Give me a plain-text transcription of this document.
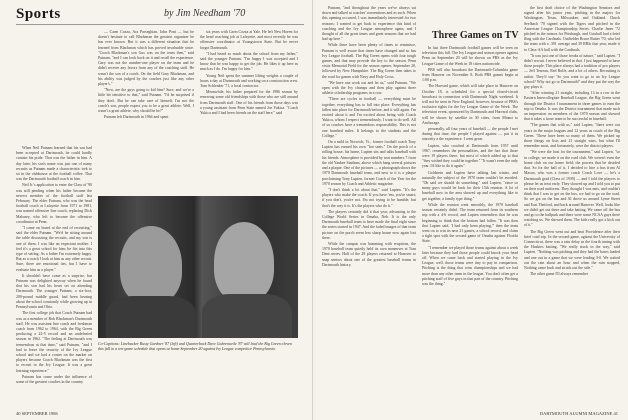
Sports	by Jim Needham '70

When Neil Putnam learned that his son had been accepted at Dartmouth, he could hardly contain his pride. That was the father in him. A day later, his son's name was just one of many recruits as Putnam made a characteristic trek to sit in the clubhouse at the football coffee. That was the Dartmouth football coach in him.

Neil Jr.'s application to enter the Class of '90 was still pending when his father became the newest member of the football staff last February. The elder Putnam, who was the head football coach at Lafayette from 1971 to 1981, was named offensive line coach, replacing Dick Maloney, who left to become the offensive coordinator at Penn.

"I came on board at the end of recruiting," said the elder Putnam. "We'd be sitting around the table discussing the recruits, and my son is one of them. I was like an expectant mother. I feel it's a great school for him; he fits into this type of setting. As a father I'm extremely happy. But as a coach I look at him as any other recruit. Sure, there are emotional ties, but I have to evaluate him as a player."

It shouldn't have come as a surprise, but Putnam was delighted anyway when he found that his son had his heart set on attending Dartmouth. The younger Putnam, a six-foot, 200-pound middle guard, had been hearing about the school constantly while growing up in Pennsylvania and Ohio.

The first college job that Coach Putnam had was as a member of Bob Blackman's Dartmouth staff. He was assistant line coach and freshman coach from 1962 to 1964, with the Big Green producing a 22-5 record and an undefeated season in 1962. "The feeling at Dartmouth was tremendous at that time," said Putnam, "and I had to leave the security of the Ivy League school and we had a corner on the market on players because Coach Blackman was the first to recruit in the Ivy League. It was a great learning experience."

Putnam has come under the influence of some of the greatest coaches in the country

— Carm Cozza, Ara Parseghian, John Pont — but he doesn't hesitate to call Blackman the greatest organizer he has ever known. But it was a different situation that he learned from Blackman which has proved invaluable since. "Coach Blackman's son Gus was on the team then," said Putnam, "and I can look back on it and recall the experience. Gary was not the number-one player on the team and he didn't receive any favors from any of the coaching staff. He wasn't the son of a coach. On the field Gary Blackman, and his ability was judged by the coaches just like any other player's."

"Now, are the guys going to kid him? Sure, and we're a little bit sensitive to that," said Putnam. "I'd be surprised if they don't. But he can take care of himself. I'm not the coach's son, people expect you to be a great athlete. Well, I wasn't a great athlete, why should he be?"

Putnam left Dartmouth in 1964 and spent

six years with Carm Cozza at Yale. He left New Haven for the head coaching job at Lafayette, and most recently he was offensive coordinator at Youngstown State. But he never forgot Dartmouth.

"I had heard so much about the school from my father," said the younger Putnam. "I'm happy I was accepted and I know that he was happy to get the job. He likes it up here as much as I do. I'm happy for him."

Young Neil spent the summer lifting weights a couple of hours a day at Dartmouth and working on a construction crew. Tom Schlenker '71, a local contractor.

Meanwhile, his father prepared for the 1986 season by renewing some old friendships with those who are still around from Dartmouth staff. One of his friends from those days was a young assistant from Penn State named Joe Yukica. "Coach Yukica and I had been friends on the staff here," said

Co-Captions: Linebacker Rusty Gardner '87 (left) and Quarterback Dave Gabrenavile '87 will lead the Big Green eleven this fall in a ten-game schedule that opens at home September 20 against Ivy League competitor Pennsylvania.
40 SEPTEMBER 1986

Putnam, "and throughout the years we've always sat down and talked at coaches' conventions and as such. When this opening occurred, I was immediately interested for two reasons: I wanted to get back to experience this kind of coaching and the Ivy League atmosphere again, and I thought of all the great times and great seasons that we had had up here."

While there have been plenty of times to reminisce, Putnam is well aware that times have changed and so has Ivy League football. The Big Green opens with four tough games, and that may provide the key to the season. Penn visits Memorial Field for the season opener, September 20, followed by New Hampshire. The Big Green then takes to the road for games with Navy and Holy Cross.

"We have one work out and let us," said Putnam. "We open with the Ivy champs and then play against three athletic scholarship programs in a row.

"There are cycles in football — everything must be together, everything has to fall into place. Everything has fallen into place for Dartmouth before, and it will again. I'm excited about it and I'm excited about being with Coach Yukica, whom I respect tremendously. I want to do well. All of us coaches have a tremendous responsibility. This is not one hundred miles. It belongs to the students and the College."

On a mild in Norwich, Vt., former football coach Tony Lupien has earned his own "hot seats." On the porch of a rolling house, his home, Lupien sits and talks baseball with his friends. Atmosphere is provided by seat numbers 7 from the old Yankee Stadium, above which hang several pictures and a plaque. One of the pictures — a photograph shows the 1970 Dartmouth baseball team, and next to it is a plaque proclaiming Tony Lupien, former Coach of the Year for the 1970 season by Coach and Athletic magazine.

"I don't think a lot about that," said Lupien. "It's the players who make the coach. If you have 'em, you're smart; if you don't, you're not. I'm not trying to be humble, but that's the way it is. It's the players who do it."

The players certainly did it that year, advancing to the College World Series in Omaha, Neb. It is the only Dartmouth baseball team to have made the final eight since the series started in 1947. And the faded images of that team picture on the porch seem less sharp house now again lost there.

While the campus was humming with eruptions, the 1970 baseball team quietly held its own maneuver at Tom Dent series. Half of the 28 players returned to Hanover to snap seniors about one of the greatest baseball teams in Dartmouth history.

Three Games on TV

In last three Dartmouth football games will be seen on television this fall. The Ivy League and season opener against Penn on September 20 will be shown on PBS as the Ivy League Game of the Week in 18 cities nationwide.

PBS will also broadcast the Dartmouth-Columbia game from Hanover on November 8. Both PBS games begin at 1:00 p.m.

The Harvard game, which will take place in Hanover on October 18, is scheduled for a special closed-circuit broadcast in connection with Dartmouth Night weekend. It will not be seen in New England, however, because of PBS's exclusive rights for the Ivy League Game of the Week. The television event, sponsored by Dartmouth and Harvard clubs, will be shown by satellite in 30 cities, from Miami to Anchorage.

personally, all four years of baseball — the people I met during that time, the people I played against — put it in sincerity a the experience. I went great.

Lupien, who coached at Dartmouth from 1957 until 1967, remembers the personalities, and the fact that those were 19 players there, but most of which added up to that "they wished they could be together." "It wasn't even the only year. I'd like to do it again."

Goldstein and Lupien have talking last winter, and naturally the subject of the 1970 team couldn't be avoided. "Oh said we should do something," said Lupien, "since so many guys would be back for their 15th reunion. A lot of baseball now in the area showed up and everything like to get together, a family type thing."

While the reunion went smoothly, the 1970 baseball season certainly didn't. The team returned from its southern trip with a 4-6 record, and Lupien remembers that he was beginning to think that the bottom had fallen. "It was then that Lupien said, 'I had only been playing,'" then the team went on to win its next 21 games, a school record, and claim a tight spot with the second game of Omaha against Florida State.

"I remember we played those teams against about a week later because they had those people could knock your head off. When we came back and started playing in the Ivy League, well, those teams were tiny to pay in comparison. Pitching is the thing that wins championships and we had more than any other team in the league. You don't often get a pitching staff of five guys in that part of the country. Pitching was the thing."

the first draft choice of the Washington Senators and signed after his junior year, pitching in the majors for Washington, Texas, Milwaukee, and Oakland. Chuck Seelbach '70 signed with the Tigers and pitched in the American League Championship Series. Charlie Janer '72 pitched in the minors for Pittsburgh, and Cutshall had a brief fling with the Cardinals. Outfielder Bruce Rutter '70, who led the team with a .391 average and 39 RBIs that year, made it to Class-AA ball with the Cardinals.

"It was just one of those freaks of nature," said Lupien. "I didn't recruit. I never believed in that. I just happened to have those people. This place always had a tradition of pro players — Jeff Tesreau, Red Rolfe, and a lot of others. Recruiting is unfair. They'd say: 'So you want to go to an Ivy League school? Why not go to Dartmouth?' and they put the way the guy plays it.

"After winning 21 straight, including 13 in a row in the Eastern Intercollegiate Baseball League, the Big Green went through the District I tournament in three games to earn the trip to Omaha. It was the District tournament that made such an impression on members of the 1970 season and showed that it takes a loose team to be successful in baseball.

"The games that with us," said Lupien, "there were our years in the major leagues and 12 years as coach of the Big Green. 'These have been so many of them. We picked up those things on lists and 21 straight wins, but what I'll remember most, and fortunately, were the district players.

"We were the host for the tournament," said Lupien, "so in college, we made it on the road club. We weren't even the home club on our home field; the powers that be decided that. So for the ball of it, I decided to hire a bus from Al Mason, who was a former coach Coach Love — he's a Dartmouth grad (Class of 1939) — and I told the players to please let us treat early. They showed up and I told you to put on their road uniforms. They thought I was nuts, and couldn't think that I was to get on the bus, we had to go on the road. So we got on the bus and Al drove us around Lyme Street and East Thetford, and back around Hanover. Well, looks like we didn't get out there and take batting. We came off the bus and go to the ballpark and there were some NCAA guys there watching us. We showed them. The kids really got a kick out of it."

The Big Green went out and beat Providence after their brief road trip. In the second game, against the University of Connecticut, there was a rain delay in the fourth inning with the Huskies batting. "We really stuck in the way," said Lupien. "Nothing was pitching and they had the bases loaded and one out in a game that we were leading 3-0. We waited out the rain about an hour and when the rain stopped, Nothing came back and struck out the side."

The other game I'll always remember

DARTMOUTH ALUMNI MAGAZINE 41
